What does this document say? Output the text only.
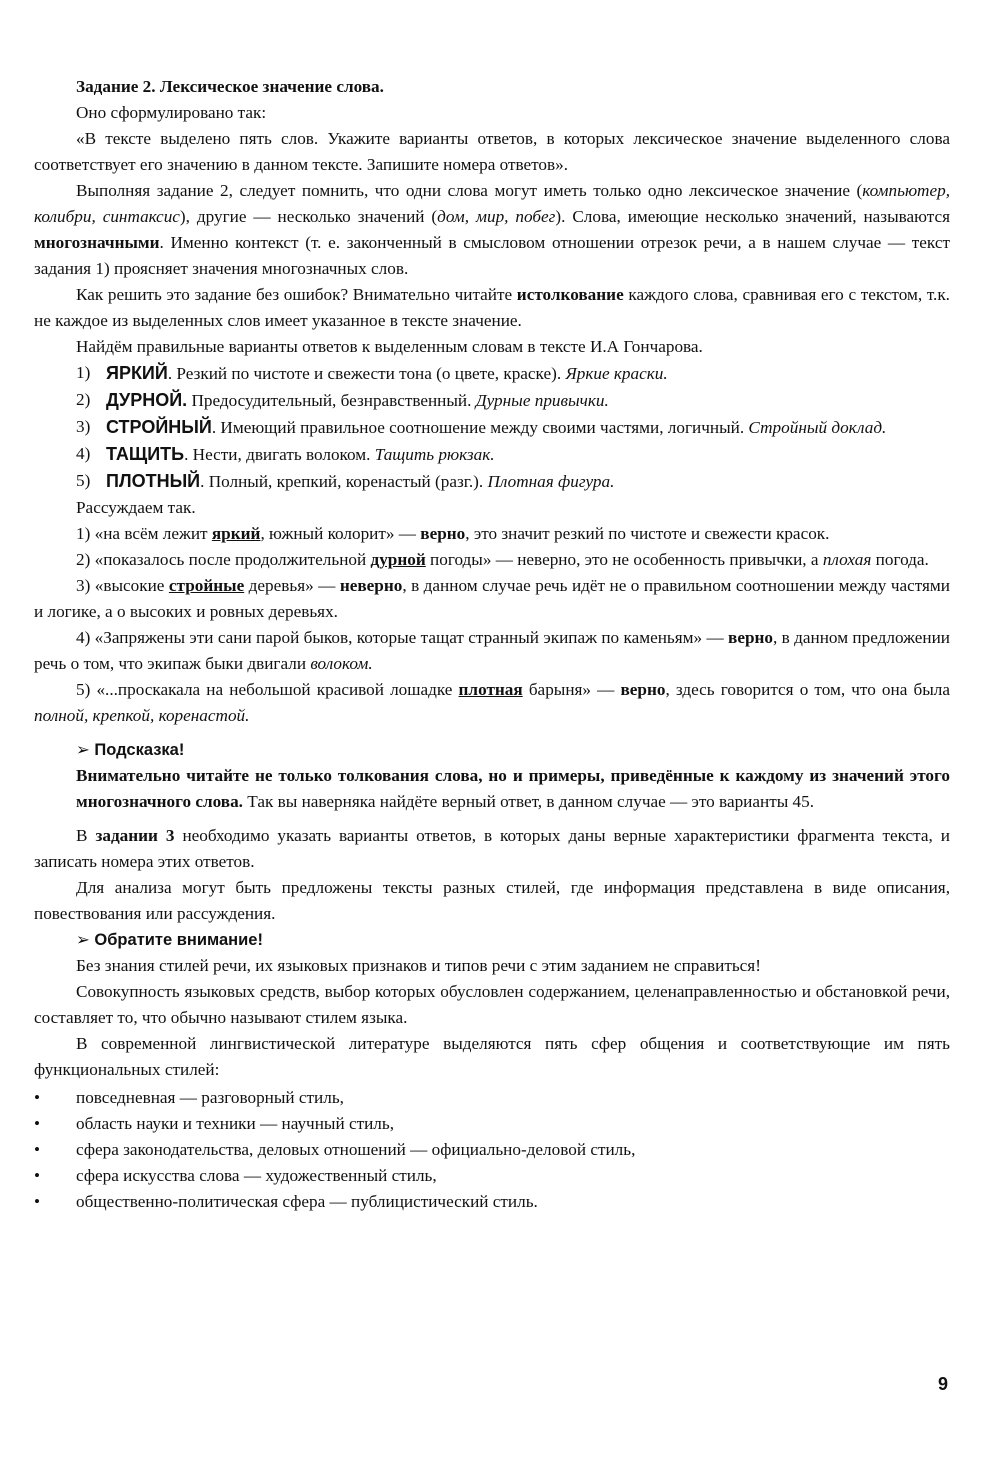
Задание 2. Лексическое значение слова.

Оно сформулировано так:

«В тексте выделено пять слов. Укажите варианты ответов, в которых лексическое значение выделенного слова соответствует его значению в данном тексте. Запишите номера ответов».

Выполняя задание 2, следует помнить, что одни слова могут иметь только одно лексическое значение (компьютер, колибри, синтаксис), другие — несколько значений (дом, мир, побег). Слова, имеющие несколько значений, называются многозначными. Именно контекст (т. е. законченный в смысловом отношении отрезок речи, а в нашем случае — текст задания 1) проясняет значения многозначных слов.

Как решить это задание без ошибок? Внимательно читайте истолкование каждого слова, сравнивая его с текстом, т.к. не каждое из выделенных слов имеет указанное в тексте значение.

Найдём правильные варианты ответов к выделенным словам в тексте И.А Гончарова.

1) ЯРКИЙ. Резкий по чистоте и свежести тона (о цвете, краске). Яркие краски.
2) ДУРНОЙ. Предосудительный, безнравственный. Дурные привычки.
3) СТРОЙНЫЙ. Имеющий правильное соотношение между своими частями, логичный. Стройный доклад.
4) ТАЩИТЬ. Нести, двигать волоком. Тащить рюкзак.
5) ПЛОТНЫЙ. Полный, крепкий, коренастый (разг.). Плотная фигура.

Рассуждаем так.

1) «на всём лежит яркий, южный колорит» — верно, это значит резкий по чистоте и свежести красок.

2) «показалось после продолжительной дурной погоды» — неверно, это не особенность привычки, а плохая погода.

3) «высокие стройные деревья» — неверно, в данном случае речь идёт не о правильном соотношении между частями и логике, а о высоких и ровных деревьях.

4) «Запряжены эти сани парой быков, которые тащат странный экипаж по каменьям» — верно, в данном предложении речь о том, что экипаж быки двигали волоком.

5) «...проскакала на небольшой красивой лошадке плотная барыня» — верно, здесь говорится о том, что она была полной, крепкой, коренастой.

➢ Подсказка!

Внимательно читайте не только толкования слова, но и примеры, приведённые к каждому из значений этого многозначного слова. Так вы наверняка найдёте верный ответ, в данном случае — это варианты 45.

В задании 3 необходимо указать варианты ответов, в которых даны верные характеристики фрагмента текста, и записать номера этих ответов.

Для анализа могут быть предложены тексты разных стилей, где информация представлена в виде описания, повествования или рассуждения.

➢ Обратите внимание!

Без знания стилей речи, их языковых признаков и типов речи с этим заданием не справиться!

Совокупность языковых средств, выбор которых обусловлен содержанием, целенаправленностью и обстановкой речи, составляет то, что обычно называют стилем языка.

В современной лингвистической литературе выделяются пять сфер общения и соответствующие им пять функциональных стилей:

•	повседневная — разговорный стиль,
•	область науки и техники — научный стиль,
•	сфера законодательства, деловых отношений — официально-деловой стиль,
•	сфера искусства слова — художественный стиль,
•	общественно-политическая сфера — публицистический стиль.
9
